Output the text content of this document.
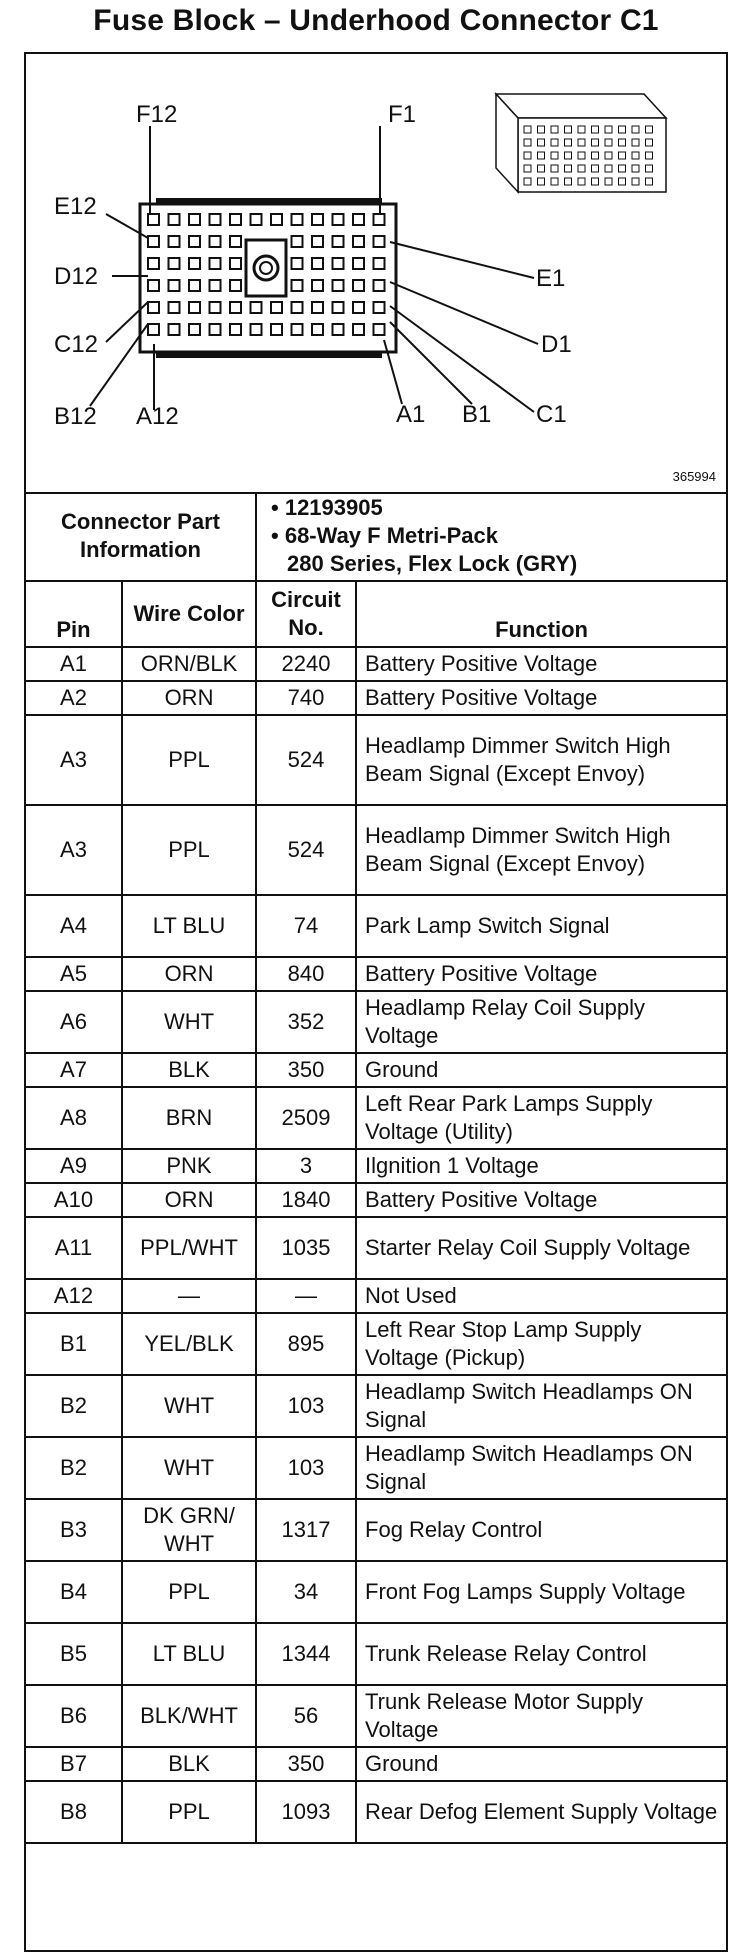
Fuse Block – Underhood Connector C1
F12	F1
E12
E1
D12
D1
C12
C1
B12	B1
A12	A1
365994
Connector Part Information		• 12193905
• 68-Way F Metri-Pack
280 Series, Flex Lock (GRY)	

Pin	Wire Color	Circuit No.	Function
A1	ORN/BLK	2240	Battery Positive Voltage
A2	ORN	740	Battery Positive Voltage
A3	PPL	524	Headlamp Dimmer Switch High Beam Signal (Except Envoy)
A3	PPL	524	Headlamp Dimmer Switch High Beam Signal (Except Envoy)
A4	LT BLU	74	Park Lamp Switch Signal
A5	ORN	840	Battery Positive Voltage
A6	WHT	352	Headlamp Relay Coil Supply Voltage
A7	BLK	350	Ground
A8	BRN	2509	Left Rear Park Lamps Supply Voltage (Utility)
A9	PNK	3	Ilgnition 1 Voltage
A10	ORN	1840	Battery Positive Voltage
A11	PPL/WHT	1035	Starter Relay Coil Supply Voltage
A12	—	—	Not Used
B1	YEL/BLK	895	Left Rear Stop Lamp Supply Voltage (Pickup)
B2	WHT	103	Headlamp Switch Headlamps ON Signal
B2	WHT	103	Headlamp Switch Headlamps ON Signal
B3	DK GRN/ WHT	1317	Fog Relay Control
B4	PPL	34	Front Fog Lamps Supply Voltage
B5	LT BLU	1344	Trunk Release Relay Control
B6	BLK/WHT	56	Trunk Release Motor Supply Voltage
B7	BLK	350	Ground
B8	PPL	1093	Rear Defog Element Supply Voltage
